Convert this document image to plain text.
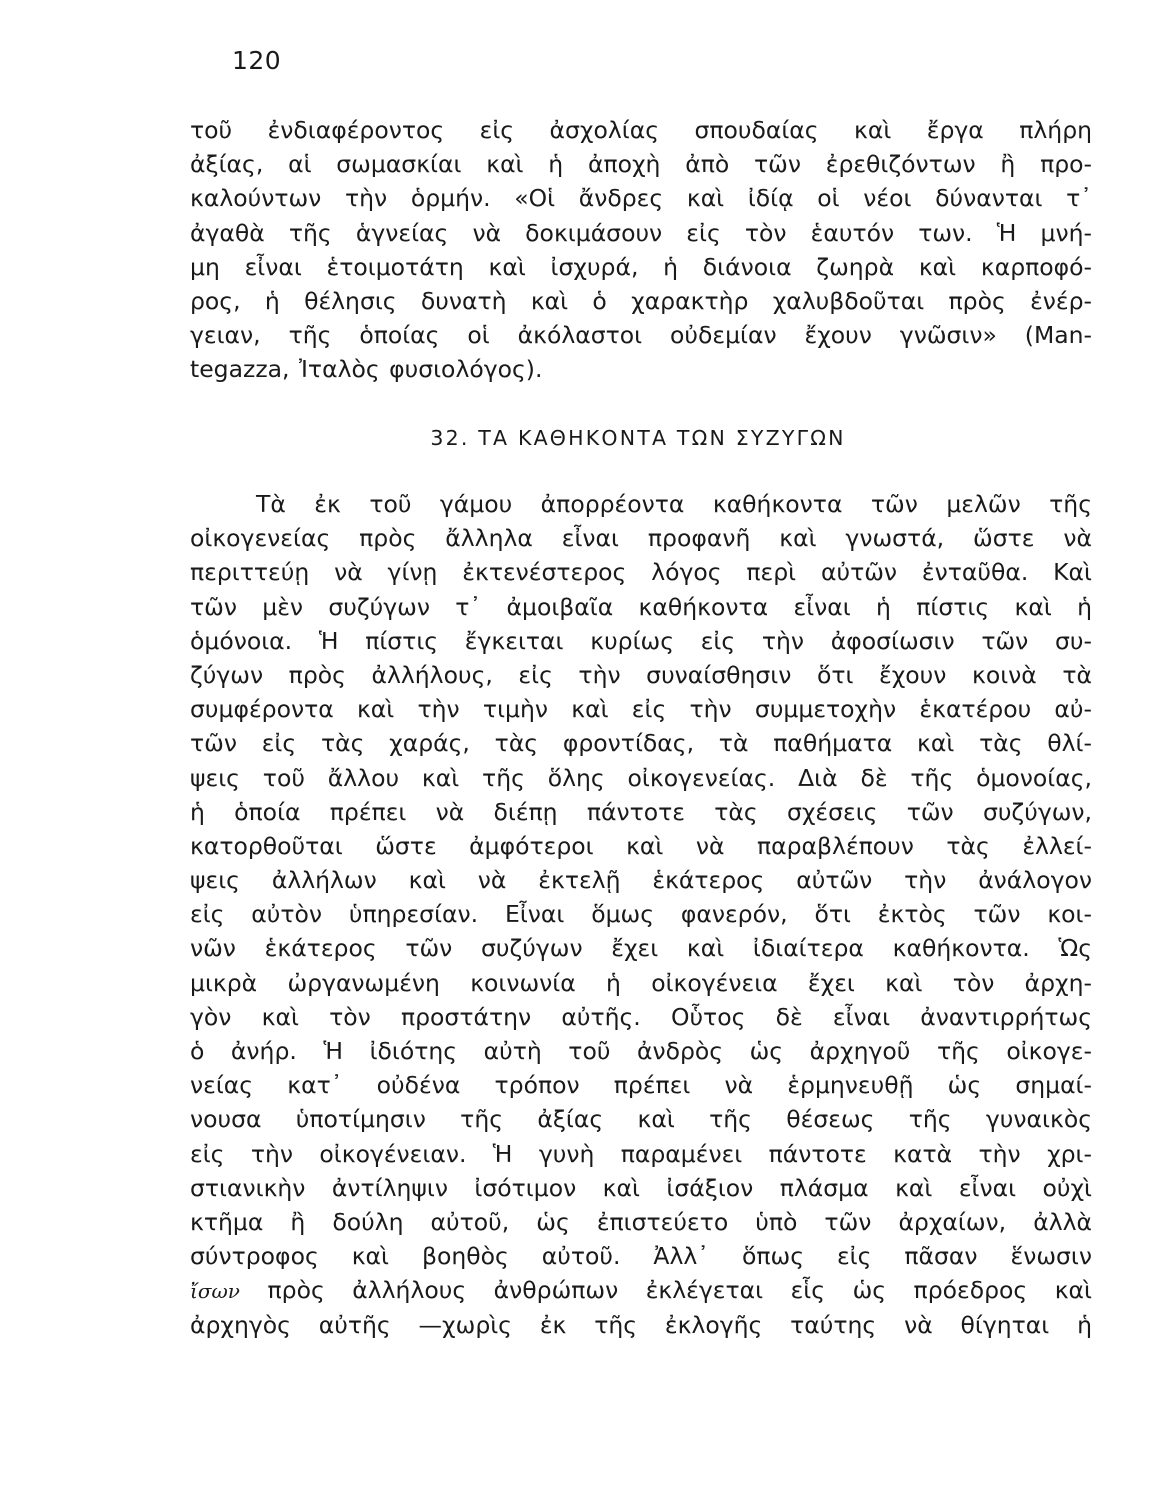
120
τοῦ ἐνδιαφέροντος εἰς ἀσχολίας σπουδαίας καὶ ἔργα πλήρη
ἀξίας, αἱ σωμασκίαι καὶ ἡ ἀποχὴ ἀπὸ τῶν ἐρεθιζόντων ἢ προ-
καλούντων τὴν ὁρμήν. «Οἱ ἄνδρες καὶ ἰδίᾳ οἱ νέοι δύνανται τ᾽
ἀγαθὰ τῆς ἁγνείας νὰ δοκιμάσουν εἰς τὸν ἑαυτόν των. Ἡ μνή-
μη εἶναι ἑτοιμοτάτη καὶ ἰσχυρά, ἡ διάνοια ζωηρὰ καὶ καρποφό-
ρος, ἡ θέλησις δυνατὴ καὶ ὁ χαρακτὴρ χαλυβδοῦται πρὸς ἐνέρ-
γειαν, τῆς ὁποίας οἱ ἀκόλαστοι οὐδεμίαν ἔχουν γνῶσιν» (Man-
tegazza, Ἰταλὸς φυσιολόγος).
32. ΤΑ ΚΑΘΗΚΟΝΤΑ ΤΩΝ ΣΥΖΥΓΩΝ
Τὰ ἐκ τοῦ γάμου ἀπορρέοντα καθήκοντα τῶν μελῶν τῆς
οἰκογενείας πρὸς ἄλληλα εἶναι προφανῆ καὶ γνωστά, ὥστε νὰ
περιττεύῃ νὰ γίνῃ ἐκτενέστερος λόγος περὶ αὐτῶν ἐνταῦθα. Καὶ
τῶν μὲν συζύγων τ᾽ ἀμοιβαῖα καθήκοντα εἶναι ἡ πίστις καὶ ἡ
ὁμόνοια. Ἡ πίστις ἔγκειται κυρίως εἰς τὴν ἀφοσίωσιν τῶν συ-
ζύγων πρὸς ἀλλήλους, εἰς τὴν συναίσθησιν ὅτι ἔχουν κοινὰ τὰ
συμφέροντα καὶ τὴν τιμὴν καὶ εἰς τὴν συμμετοχὴν ἑκατέρου αὐ-
τῶν εἰς τὰς χαράς, τὰς φροντίδας, τὰ παθήματα καὶ τὰς θλί-
ψεις τοῦ ἄλλου καὶ τῆς ὅλης οἰκογενείας. Διὰ δὲ τῆς ὁμονοίας,
ἡ ὁποία πρέπει νὰ διέπῃ πάντοτε τὰς σχέσεις τῶν συζύγων,
κατορθοῦται ὥστε ἀμφότεροι καὶ νὰ παραβλέπουν τὰς ἐλλεί-
ψεις ἀλλήλων καὶ νὰ ἐκτελῇ ἑκάτερος αὐτῶν τὴν ἀνάλογον
εἰς αὐτὸν ὑπηρεσίαν. Εἶναι ὅμως φανερόν, ὅτι ἐκτὸς τῶν κοι-
νῶν ἑκάτερος τῶν συζύγων ἔχει καὶ ἰδιαίτερα καθήκοντα. Ὡς
μικρὰ ὠργανωμένη κοινωνία ἡ οἰκογένεια ἔχει καὶ τὸν ἀρχη-
γὸν καὶ τὸν προστάτην αὐτῆς. Οὗτος δὲ εἶναι ἀναντιρρήτως
ὁ ἀνήρ. Ἡ ἰδιότης αὐτὴ τοῦ ἀνδρὸς ὡς ἀρχηγοῦ τῆς οἰκογε-
νείας κατ᾽ οὐδένα τρόπον πρέπει νὰ ἑρμηνευθῇ ὡς σημαί-
νουσα ὑποτίμησιν τῆς ἀξίας καὶ τῆς θέσεως τῆς γυναικὸς
εἰς τὴν οἰκογένειαν. Ἡ γυνὴ παραμένει πάντοτε κατὰ τὴν χρι-
στιανικὴν ἀντίληψιν ἰσότιμον καὶ ἰσάξιον πλάσμα καὶ εἶναι οὐχὶ
κτῆμα ἢ δούλη αὐτοῦ, ὡς ἐπιστεύετο ὑπὸ τῶν ἀρχαίων, ἀλλὰ
σύντροφος καὶ βοηθὸς αὐτοῦ. Ἀλλ᾽ ὅπως εἰς πᾶσαν ἕνωσιν
ἴσων πρὸς ἀλλήλους ἀνθρώπων ἐκλέγεται εἷς ὡς πρόεδρος καὶ
ἀρχηγὸς αὐτῆς —χωρὶς ἐκ τῆς ἐκλογῆς ταύτης νὰ θίγηται ἡ
